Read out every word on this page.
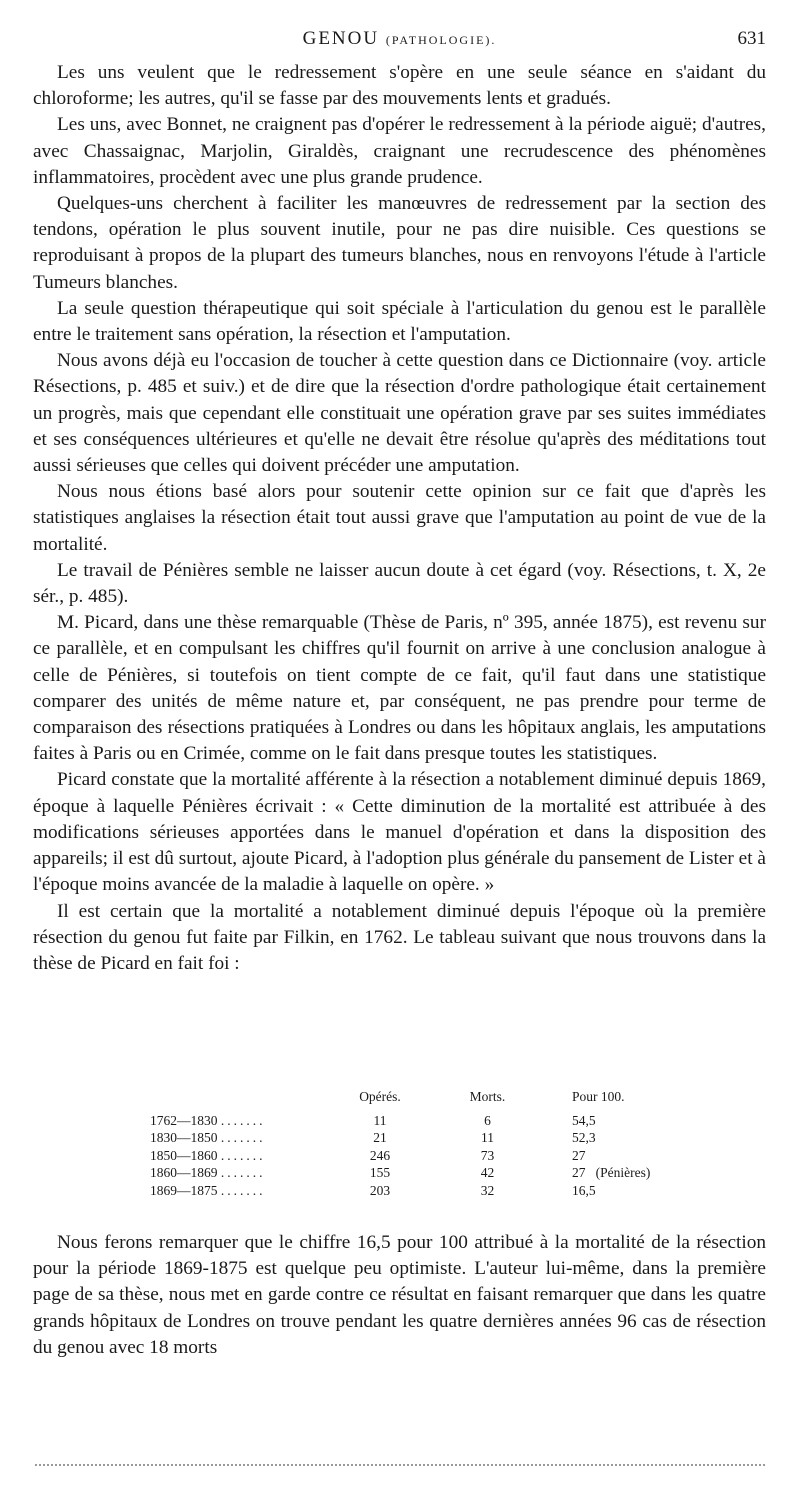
GENOU (PATHOLOGIE).	631

Les uns veulent que le redressement s'opère en une seule séance en s'aidant du chloroforme; les autres, qu'il se fasse par des mouvements lents et gradués.

Les uns, avec Bonnet, ne craignent pas d'opérer le redressement à la période aiguë; d'autres, avec Chassaignac, Marjolin, Giraldès, craignant une recrudescence des phénomènes inflammatoires, procèdent avec une plus grande prudence.

Quelques-uns cherchent à faciliter les manœuvres de redressement par la section des tendons, opération le plus souvent inutile, pour ne pas dire nuisible. Ces questions se reproduisant à propos de la plupart des tumeurs blanches, nous en renvoyons l'étude à l'article Tumeurs blanches.

La seule question thérapeutique qui soit spéciale à l'articulation du genou est le parallèle entre le traitement sans opération, la résection et l'amputation.

Nous avons déjà eu l'occasion de toucher à cette question dans ce Dictionnaire (voy. article Résections, p. 485 et suiv.) et de dire que la résection d'ordre pathologique était certainement un progrès, mais que cependant elle constituait une opération grave par ses suites immédiates et ses conséquences ultérieures et qu'elle ne devait être résolue qu'après des méditations tout aussi sérieuses que celles qui doivent précéder une amputation.

Nous nous étions basé alors pour soutenir cette opinion sur ce fait que d'après les statistiques anglaises la résection était tout aussi grave que l'amputation au point de vue de la mortalité.

Le travail de Pénières semble ne laisser aucun doute à cet égard (voy. Résections, t. X, 2e sér., p. 485).

M. Picard, dans une thèse remarquable (Thèse de Paris, nº 395, année 1875), est revenu sur ce parallèle, et en compulsant les chiffres qu'il fournit on arrive à une conclusion analogue à celle de Pénières, si toutefois on tient compte de ce fait, qu'il faut dans une statistique comparer des unités de même nature et, par conséquent, ne pas prendre pour terme de comparaison des résections pratiquées à Londres ou dans les hôpitaux anglais, les amputations faites à Paris ou en Crimée, comme on le fait dans presque toutes les statistiques.

Picard constate que la mortalité afférente à la résection a notablement diminué depuis 1869, époque à laquelle Pénières écrivait : « Cette diminution de la mortalité est attribuée à des modifications sérieuses apportées dans le manuel d'opération et dans la disposition des appareils; il est dû surtout, ajoute Picard, à l'adoption plus générale du pansement de Lister et à l'époque moins avancée de la maladie à laquelle on opère. »

Il est certain que la mortalité a notablement diminué depuis l'époque où la première résection du genou fut faite par Filkin, en 1762. Le tableau suivant que nous trouvons dans la thèse de Picard en fait foi :

	Opérés.	Morts.	Pour 100.
1762—1830 .......	11	6	54,5
1830—1850 .......	21	11	52,3
1850—1860 .......	246	73	27
1860—1869 .......	155	42	27 (Pénières)
1869—1875 .......	203	32	16,5

Nous ferons remarquer que le chiffre 16,5 pour 100 attribué à la mortalité de la résection pour la période 1869-1875 est quelque peu optimiste. L'auteur lui-même, dans la première page de sa thèse, nous met en garde contre ce résultat en faisant remarquer que dans les quatre grands hôpitaux de Londres on trouve pendant les quatre dernières années 96 cas de résection du genou avec 18 morts
